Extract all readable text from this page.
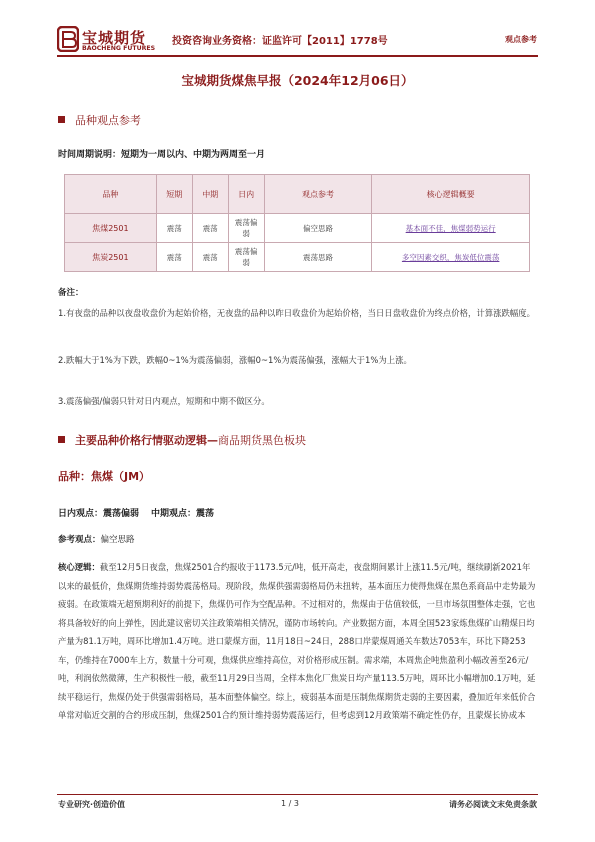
宝城期货
BAOCHENG FUTURES
投资咨询业务资格：证监许可【2011】1778号	观点参考
宝城期货煤焦早报（2024年12月06日）
品种观点参考
时间周期说明：短期为一周以内、中期为两周至一月
品种	短期	中期	日内	观点参考	核心逻辑概要
焦煤2501	震荡	震荡	震荡偏弱	偏空思路	基本面不佳，焦煤弱势运行
焦炭2501	震荡	震荡	震荡偏弱	震荡思路	多空因素交织，焦炭低位震荡
备注：
1.有夜盘的品种以夜盘收盘价为起始价格，无夜盘的品种以昨日收盘价为起始价格，当日日盘收盘价为终点价格，计算涨跌幅度。
2.跌幅大于1%为下跌，跌幅0~1%为震荡偏弱，涨幅0~1%为震荡偏强，涨幅大于1%为上涨。
3.震荡偏强/偏弱只针对日内观点，短期和中期不做区分。
主要品种价格行情驱动逻辑—商品期货黑色板块
品种：焦煤（JM）
日内观点：震荡偏弱 中期观点：震荡
参考观点：偏空思路
核心逻辑：截至12月5日夜盘，焦煤2501合约报收于1173.5元/吨，低开高走，夜盘期间累计上涨11.5元/吨，继续刷新2021年以来的最低价，焦煤期货维持弱势震荡格局。现阶段，焦煤供强需弱格局仍未扭转，基本面压力使得焦煤在黑色系商品中走势最为疲弱。在政策端无超预期利好的前提下，焦煤仍可作为空配品种。不过相对的，焦煤由于估值较低，一旦市场氛围整体走强，它也将具备较好的向上弹性，因此建议密切关注政策端相关情况，谨防市场转向。产业数据方面，本周全国523家炼焦煤矿山精煤日均产量为81.1万吨，周环比增加1.4万吨。进口蒙煤方面，11月18日~24日，288口岸蒙煤周通关车数达7053车，环比下降253车，仍维持在7000车上方，数量十分可观，焦煤供应维持高位，对价格形成压制。需求端，本周焦企吨焦盈利小幅改善至26元/吨，利润依然微薄，生产积极性一般，截至11月29日当周，全样本焦化厂焦炭日均产量113.5万吨，周环比小幅增加0.1万吨，延续平稳运行，焦煤仍处于供强需弱格局，基本面整体偏空。综上，疲弱基本面是压制焦煤期货走弱的主要因素，叠加近年来低价合单常对临近交割的合约形成压制，焦煤2501合约预计维持弱势震荡运行，但考虑到12月政策端不确定性仍存，且蒙煤长协成本
专业研究·创造价值	1 / 3	请务必阅读文末免责条款
